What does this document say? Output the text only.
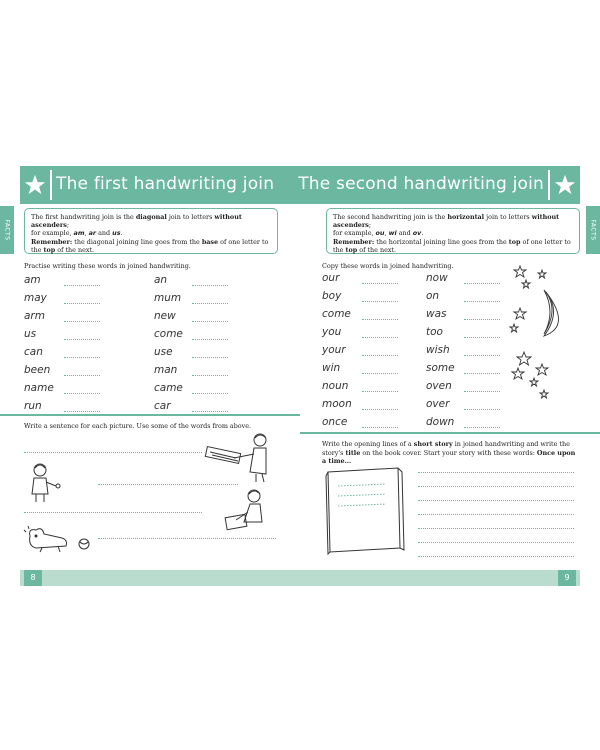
The first handwriting join
FACTS
The first handwriting join is the diagonal join to letters without ascenders;
for example, am, ar and us.
Remember: the diagonal joining line goes from the base of one letter to
the top of the next.
Practise writing these words in joined handwriting.
am	an
may	mum
arm	new
us	come
can	use
been	man
name	came
run	car
Write a sentence for each picture. Use some of the words from above.
8
The second handwriting join
FACTS
The second handwriting join is the horizontal join to letters without ascenders;
for example, ou, wi and ov.
Remember: the horizontal joining line goes from the top of one letter to
the top of the next.
Copy these words in joined handwriting.
our	now
boy	on
come	was
you	too
your	wish
win	some
noun	oven
moon	over
once	down
Write the opening lines of a short story in joined handwriting and write the story's title on the book cover. Start your story with these words: Once upon a time...
9
